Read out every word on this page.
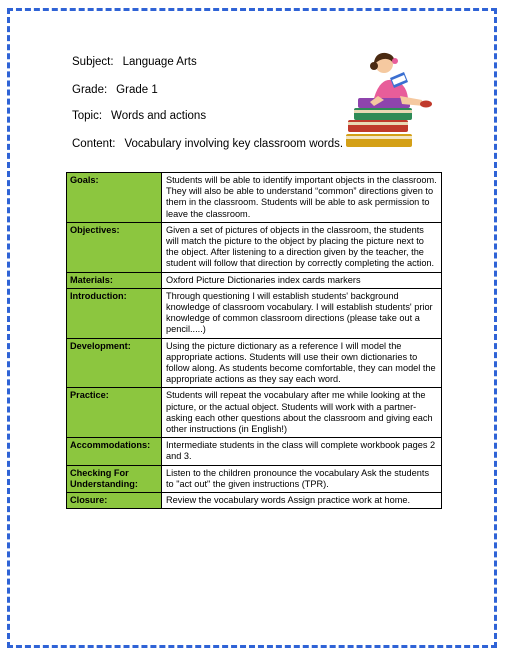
Subject: Language Arts
Grade: Grade 1
Topic: Words and actions
Content: Vocabulary involving key classroom words.
Goals:	Students will be able to identify important objects in the classroom. They will also be able to understand “common” directions given to them in the classroom. Students will be able to ask permission to leave the classroom.
Objectives:	Given a set of pictures of objects in the classroom, the students will match the picture to the object by placing the picture next to the object. After listening to a direction given by the teacher, the student will follow that direction by correctly completing the action.
Materials:	Oxford Picture Dictionaries index cards markers
Introduction:	Through questioning I will establish students' background knowledge of classroom vocabulary. I will establish students' prior knowledge of common classroom directions (please take out a pencil.....)
Development:	Using the picture dictionary as a reference I will model the appropriate actions. Students will use their own dictionaries to follow along. As students become comfortable, they can model the appropriate actions as they say each word.
Practice:	Students will repeat the vocabulary after me while looking at the picture, or the actual object. Students will work with a partner- asking each other questions about the classroom and giving each other instructions (in English!)
Accommodations:	Intermediate students in the class will complete workbook pages 2 and 3.
Checking For Understanding:	Listen to the children pronounce the vocabulary Ask the students to "act out" the given instructions (TPR).
Closure:	Review the vocabulary words Assign practice work at home.
